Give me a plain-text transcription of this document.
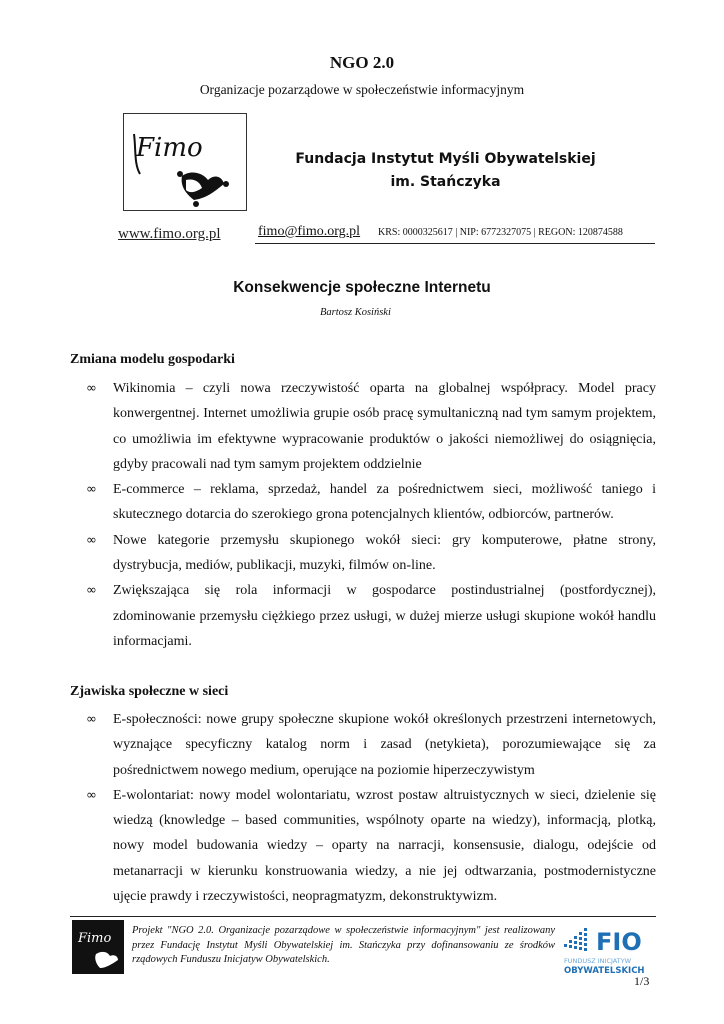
NGO 2.0
Organizacje pozarządowe w społeczeństwie informacyjnym
Fimo	Fundacja Instytut Myśli Obywatelskiej
im. Stańczyka
www.fimo.org.pl	fimo@fimo.org.pl KRS: 0000325617 | NIP: 6772327075 | REGON: 120874588
Konsekwencje społeczne Internetu
Bartosz Kosiński
Zmiana modelu gospodarki
∞ Wikinomia – czyli nowa rzeczywistość oparta na globalnej współpracy. Model pracy konwergentnej. Internet umożliwia grupie osób pracę symultaniczną nad tym samym projektem, co umożliwia im efektywne wypracowanie produktów o jakości niemożliwej do osiągnięcia, gdyby pracowali nad tym samym projektem oddzielnie
∞ E-commerce – reklama, sprzedaż, handel za pośrednictwem sieci, możliwość taniego i skutecznego dotarcia do szerokiego grona potencjalnych klientów, odbiorców, partnerów.
∞ Nowe kategorie przemysłu skupionego wokół sieci: gry komputerowe, płatne strony, dystrybucja, mediów, publikacji, muzyki, filmów on-line.
∞ Zwiększająca się rola informacji w gospodarce postindustrialnej (postfordycznej), zdominowanie przemysłu ciężkiego przez usługi, w dużej mierze usługi skupione wokół handlu informacjami.
Zjawiska społeczne w sieci
∞ E-społeczności: nowe grupy społeczne skupione wokół określonych przestrzeni internetowych, wyznające specyficzny katalog norm i zasad (netykieta), porozumiewające się za pośrednictwem nowego medium, operujące na poziomie hiperzeczywistym
∞ E-wolontariat: nowy model wolontariatu, wzrost postaw altruistycznych w sieci, dzielenie się wiedzą (knowledge – based communities, wspólnoty oparte na wiedzy), informacją, plotką, nowy model budowania wiedzy – oparty na narracji, konsensusie, dialogu, odejście od metanarracji w kierunku konstruowania wiedzy, a nie jej odtwarzania, postmodernistyczne ujęcie prawdy i rzeczywistości, neopragmatyzm, dekonstruktywizm.
Fimo
Projekt "NGO 2.0. Organizacje pozarządowe w społeczeństwie informacyjnym" jest realizowany przez Fundację Instytut Myśli Obywatelskiej im. Stańczyka przy dofinansowaniu ze środków rządowych Funduszu Inicjatyw Obywatelskich.
FIO
FUNDUSZ INICJATYW
OBYWATELSKICH
1/3
